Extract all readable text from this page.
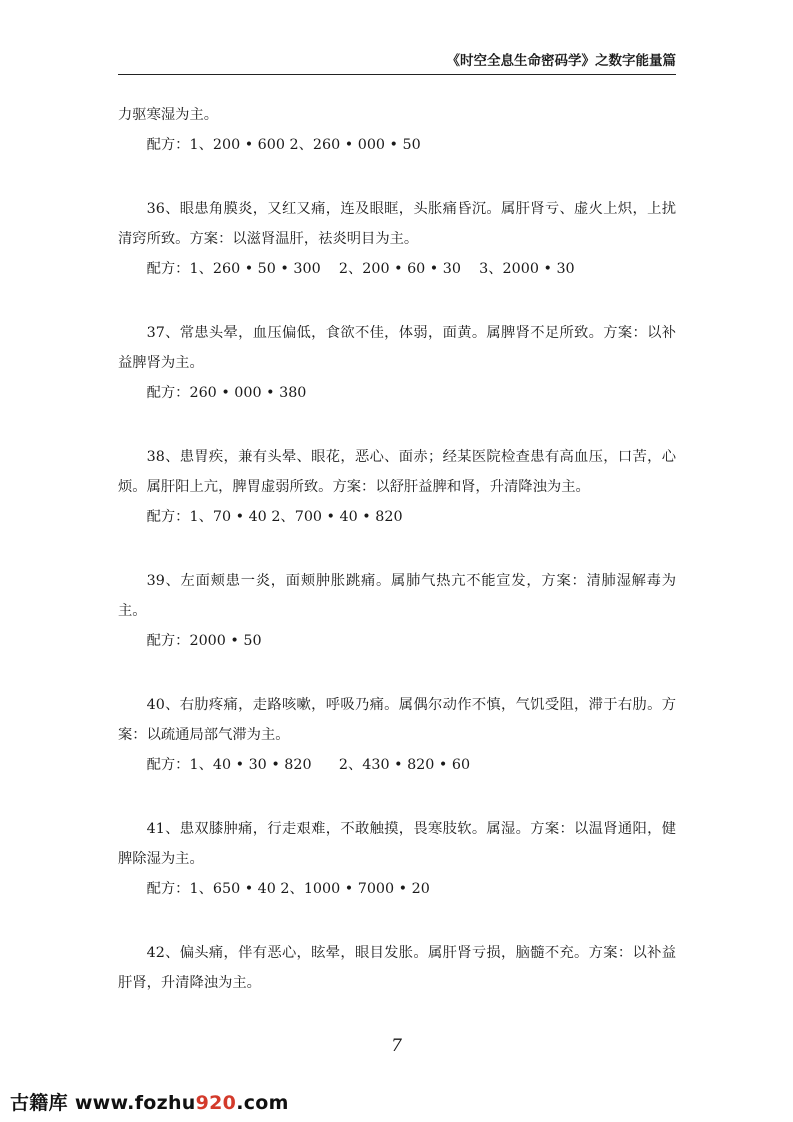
《时空全息生命密码学》之数字能量篇

力驱寒湿为主。

配方：1、200 • 600 2、260 • 000 • 50

36、眼患角膜炎，又红又痛，连及眼眶，头胀痛昏沉。属肝肾亏、虚火上炽，上扰清窍所致。方案：以滋肾温肝，祛炎明目为主。

配方：1、260 • 50 • 300    2、200 • 60 • 30    3、2000 • 30

37、常患头晕，血压偏低，食欲不佳，体弱，面黄。属脾肾不足所致。方案：以补益脾肾为主。

配方：260 • 000 • 380

38、患胃疾，兼有头晕、眼花，恶心、面赤；经某医院检查患有高血压，口苦，心烦。属肝阳上亢，脾胃虚弱所致。方案：以舒肝益脾和肾，升清降浊为主。

配方：1、70 • 40 2、700 • 40 • 820

39、左面颊患一炎，面颊肿胀跳痛。属肺气热亢不能宣发，方案：清肺湿解毒为主。

配方：2000 • 50

40、右肋疼痛，走路咳嗽，呼吸乃痛。属偶尔动作不慎，气饥受阻，滞于右肋。方案：以疏通局部气滞为主。

配方：1、40 • 30 • 820      2、430 • 820 • 60

41、患双膝肿痛，行走艰难，不敢触摸，畏寒肢软。属湿。方案：以温肾通阳，健脾除湿为主。

配方：1、650 • 40 2、1000 • 7000 • 20

42、偏头痛，伴有恶心，眩晕，眼目发胀。属肝肾亏损，脑髓不充。方案：以补益肝肾，升清降浊为主。

7
古籍库 www.fozhu920.com
